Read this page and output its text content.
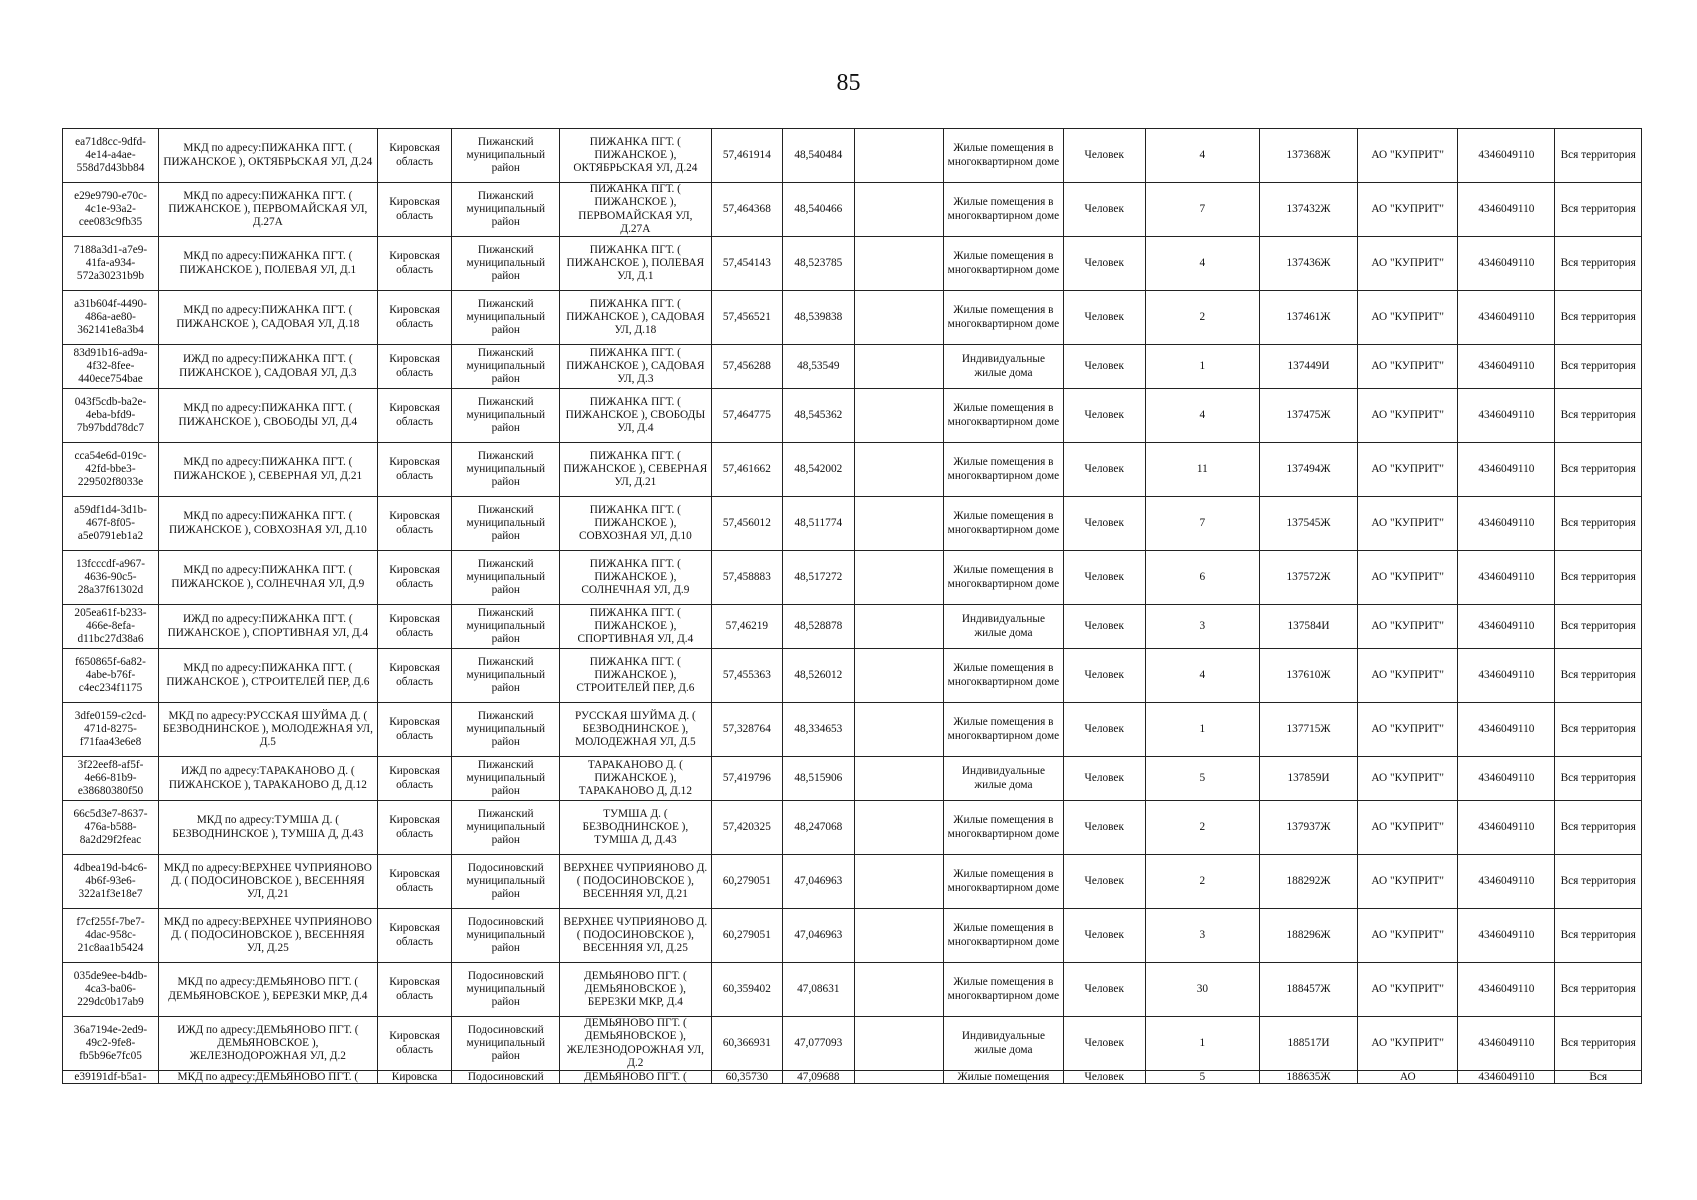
85
ea71d8cc-9dfd-4e14-a4ae-558d7d43bb84	МКД по адресу:ПИЖАНКА ПГТ. ( ПИЖАНСКОЕ ), ОКТЯБРЬСКАЯ УЛ, Д.24	Кировская область	Пижанский муниципальный район	ПИЖАНКА ПГТ. ( ПИЖАНСКОЕ ), ОКТЯБРЬСКАЯ УЛ, Д.24	57,461914	48,540484		Жилые помещения в многоквартирном доме	Человек	4	137368Ж	АО "КУПРИТ"	4346049110	Вся территория
e29e9790-e70c-4c1e-93a2-cee083c9fb35	МКД по адресу:ПИЖАНКА ПГТ. ( ПИЖАНСКОЕ ), ПЕРВОМАЙСКАЯ УЛ, Д.27А	Кировская область	Пижанский муниципальный район	ПИЖАНКА ПГТ. ( ПИЖАНСКОЕ ), ПЕРВОМАЙСКАЯ УЛ, Д.27А	57,464368	48,540466		Жилые помещения в многоквартирном доме	Человек	7	137432Ж	АО "КУПРИТ"	4346049110	Вся территория
7188a3d1-a7e9-41fa-a934-572a30231b9b	МКД по адресу:ПИЖАНКА ПГТ. ( ПИЖАНСКОЕ ), ПОЛЕВАЯ УЛ, Д.1	Кировская область	Пижанский муниципальный район	ПИЖАНКА ПГТ. ( ПИЖАНСКОЕ ), ПОЛЕВАЯ УЛ, Д.1	57,454143	48,523785		Жилые помещения в многоквартирном доме	Человек	4	137436Ж	АО "КУПРИТ"	4346049110	Вся территория
a31b604f-4490-486a-ae80-362141e8a3b4	МКД по адресу:ПИЖАНКА ПГТ. ( ПИЖАНСКОЕ ), САДОВАЯ УЛ, Д.18	Кировская область	Пижанский муниципальный район	ПИЖАНКА ПГТ. ( ПИЖАНСКОЕ ), САДОВАЯ УЛ, Д.18	57,456521	48,539838		Жилые помещения в многоквартирном доме	Человек	2	137461Ж	АО "КУПРИТ"	4346049110	Вся территория
83d91b16-ad9a-4f32-8fee-440ece754bae	ИЖД по адресу:ПИЖАНКА ПГТ. ( ПИЖАНСКОЕ ), САДОВАЯ УЛ, Д.3	Кировская область	Пижанский муниципальный район	ПИЖАНКА ПГТ. ( ПИЖАНСКОЕ ), САДОВАЯ УЛ, Д.3	57,456288	48,53549		Индивидуальные жилые дома	Человек	1	137449И	АО "КУПРИТ"	4346049110	Вся территория
043f5cdb-ba2e-4eba-bfd9-7b97bdd78dc7	МКД по адресу:ПИЖАНКА ПГТ. ( ПИЖАНСКОЕ ), СВОБОДЫ УЛ, Д.4	Кировская область	Пижанский муниципальный район	ПИЖАНКА ПГТ. ( ПИЖАНСКОЕ ), СВОБОДЫ УЛ, Д.4	57,464775	48,545362		Жилые помещения в многоквартирном доме	Человек	4	137475Ж	АО "КУПРИТ"	4346049110	Вся территория
cca54e6d-019c-42fd-bbe3-229502f8033e	МКД по адресу:ПИЖАНКА ПГТ. ( ПИЖАНСКОЕ ), СЕВЕРНАЯ УЛ, Д.21	Кировская область	Пижанский муниципальный район	ПИЖАНКА ПГТ. ( ПИЖАНСКОЕ ), СЕВЕРНАЯ УЛ, Д.21	57,461662	48,542002		Жилые помещения в многоквартирном доме	Человек	11	137494Ж	АО "КУПРИТ"	4346049110	Вся территория
a59df1d4-3d1b-467f-8f05-a5e0791eb1a2	МКД по адресу:ПИЖАНКА ПГТ. ( ПИЖАНСКОЕ ), СОВХОЗНАЯ УЛ, Д.10	Кировская область	Пижанский муниципальный район	ПИЖАНКА ПГТ. ( ПИЖАНСКОЕ ), СОВХОЗНАЯ УЛ, Д.10	57,456012	48,511774		Жилые помещения в многоквартирном доме	Человек	7	137545Ж	АО "КУПРИТ"	4346049110	Вся территория
13fcccdf-a967-4636-90c5-28a37f61302d	МКД по адресу:ПИЖАНКА ПГТ. ( ПИЖАНСКОЕ ), СОЛНЕЧНАЯ УЛ, Д.9	Кировская область	Пижанский муниципальный район	ПИЖАНКА ПГТ. ( ПИЖАНСКОЕ ), СОЛНЕЧНАЯ УЛ, Д.9	57,458883	48,517272		Жилые помещения в многоквартирном доме	Человек	6	137572Ж	АО "КУПРИТ"	4346049110	Вся территория
205ea61f-b233-466e-8efa-d11bc27d38a6	ИЖД по адресу:ПИЖАНКА ПГТ. ( ПИЖАНСКОЕ ), СПОРТИВНАЯ УЛ, Д.4	Кировская область	Пижанский муниципальный район	ПИЖАНКА ПГТ. ( ПИЖАНСКОЕ ), СПОРТИВНАЯ УЛ, Д.4	57,46219	48,528878		Индивидуальные жилые дома	Человек	3	137584И	АО "КУПРИТ"	4346049110	Вся территория
f650865f-6a82-4abe-b76f-c4ec234f1175	МКД по адресу:ПИЖАНКА ПГТ. ( ПИЖАНСКОЕ ), СТРОИТЕЛЕЙ ПЕР, Д.6	Кировская область	Пижанский муниципальный район	ПИЖАНКА ПГТ. ( ПИЖАНСКОЕ ), СТРОИТЕЛЕЙ ПЕР, Д.6	57,455363	48,526012		Жилые помещения в многоквартирном доме	Человек	4	137610Ж	АО "КУПРИТ"	4346049110	Вся территория
3dfe0159-c2cd-471d-8275-f71faa43e6e8	МКД по адресу:РУССКАЯ ШУЙМА Д. ( БЕЗВОДНИНСКОЕ ), МОЛОДЕЖНАЯ УЛ, Д.5	Кировская область	Пижанский муниципальный район	РУССКАЯ ШУЙМА Д. ( БЕЗВОДНИНСКОЕ ), МОЛОДЕЖНАЯ УЛ, Д.5	57,328764	48,334653		Жилые помещения в многоквартирном доме	Человек	1	137715Ж	АО "КУПРИТ"	4346049110	Вся территория
3f22eef8-af5f-4e66-81b9-e38680380f50	ИЖД по адресу:ТАРАКАНОВО Д. ( ПИЖАНСКОЕ ), ТАРАКАНОВО Д, Д.12	Кировская область	Пижанский муниципальный район	ТАРАКАНОВО Д. ( ПИЖАНСКОЕ ), ТАРАКАНОВО Д, Д.12	57,419796	48,515906		Индивидуальные жилые дома	Человек	5	137859И	АО "КУПРИТ"	4346049110	Вся территория
66c5d3e7-8637-476a-b588-8a2d29f2feac	МКД по адресу:ТУМША Д. ( БЕЗВОДНИНСКОЕ ), ТУМША Д, Д.43	Кировская область	Пижанский муниципальный район	ТУМША Д. ( БЕЗВОДНИНСКОЕ ), ТУМША Д, Д.43	57,420325	48,247068		Жилые помещения в многоквартирном доме	Человек	2	137937Ж	АО "КУПРИТ"	4346049110	Вся территория
4dbea19d-b4c6-4b6f-93e6-322a1f3e18e7	МКД по адресу:ВЕРХНЕЕ ЧУПРИЯНОВО Д. ( ПОДОСИНОВСКОЕ ), ВЕСЕННЯЯ УЛ, Д.21	Кировская область	Подосиновский муниципальный район	ВЕРХНЕЕ ЧУПРИЯНОВО Д. ( ПОДОСИНОВСКОЕ ), ВЕСЕННЯЯ УЛ, Д.21	60,279051	47,046963		Жилые помещения в многоквартирном доме	Человек	2	188292Ж	АО "КУПРИТ"	4346049110	Вся территория
f7cf255f-7be7-4dac-958c-21c8aa1b5424	МКД по адресу:ВЕРХНЕЕ ЧУПРИЯНОВО Д. ( ПОДОСИНОВСКОЕ ), ВЕСЕННЯЯ УЛ, Д.25	Кировская область	Подосиновский муниципальный район	ВЕРХНЕЕ ЧУПРИЯНОВО Д. ( ПОДОСИНОВСКОЕ ), ВЕСЕННЯЯ УЛ, Д.25	60,279051	47,046963		Жилые помещения в многоквартирном доме	Человек	3	188296Ж	АО "КУПРИТ"	4346049110	Вся территория
035de9ee-b4db-4ca3-ba06-229dc0b17ab9	МКД по адресу:ДЕМЬЯНОВО ПГТ. ( ДЕМЬЯНОВСКОЕ ), БЕРЕЗКИ МКР, Д.4	Кировская область	Подосиновский муниципальный район	ДЕМЬЯНОВО ПГТ. ( ДЕМЬЯНОВСКОЕ ), БЕРЕЗКИ МКР, Д.4	60,359402	47,08631		Жилые помещения в многоквартирном доме	Человек	30	188457Ж	АО "КУПРИТ"	4346049110	Вся территория
36a7194e-2ed9-49c2-9fe8-fb5b96e7fc05	ИЖД по адресу:ДЕМЬЯНОВО ПГТ. ( ДЕМЬЯНОВСКОЕ ), ЖЕЛЕЗНОДОРОЖНАЯ УЛ, Д.2	Кировская область	Подосиновский муниципальный район	ДЕМЬЯНОВО ПГТ. ( ДЕМЬЯНОВСКОЕ ), ЖЕЛЕЗНОДОРОЖНАЯ УЛ, Д.2	60,366931	47,077093		Индивидуальные жилые дома	Человек	1	188517И	АО "КУПРИТ"	4346049110	Вся территория

e39191df-b5a1-	МКД по адресу:ДЕМЬЯНОВО ПГТ. (	Кировска	Подосиновский	ДЕМЬЯНОВО ПГТ. (	60,35730	47,09688		Жилые помещения	Человек	5	188635Ж	АО	4346049110	Вся
